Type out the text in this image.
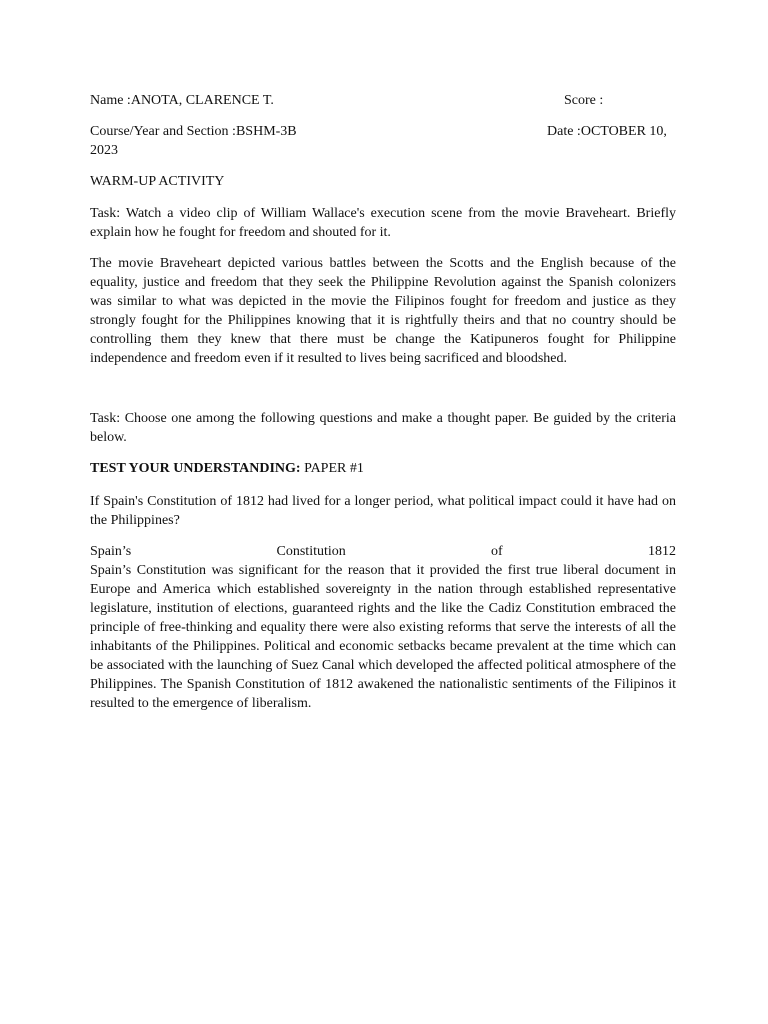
Name :ANOTA, CLARENCE T.	Score :
Course/Year and Section :BSHM-3B	Date :OCTOBER 10,
2023

WARM-UP ACTIVITY

Task: Watch a video clip of William Wallace's execution scene from the movie Braveheart. Briefly explain how he fought for freedom and shouted for it.

The movie Braveheart depicted various battles between the Scotts and the English because of the equality, justice and freedom that they seek the Philippine Revolution against the Spanish colonizers was similar to what was depicted in the movie the Filipinos fought for freedom and justice as they strongly fought for the Philippines knowing that it is rightfully theirs and that no country should be controlling them they knew that there must be change the Katipuneros fought for Philippine independence and freedom even if it resulted to lives being sacrificed and bloodshed.

Task: Choose one among the following questions and make a thought paper. Be guided by the criteria below.

TEST YOUR UNDERSTANDING: PAPER #1

If Spain's Constitution of 1812 had lived for a longer period, what political impact could it have had on the Philippines?

Spain’s	Constitution	of	1812

Spain’s Constitution was significant for the reason that it provided the first true liberal document in Europe and America which established sovereignty in the nation through established representative legislature, institution of elections, guaranteed rights and the like the Cadiz Constitution embraced the principle of free-thinking and equality there were also existing reforms that serve the interests of all the inhabitants of the Philippines. Political and economic setbacks became prevalent at the time which can be associated with the launching of Suez Canal which developed the affected political atmosphere of the Philippines. The Spanish Constitution of 1812 awakened the nationalistic sentiments of the Filipinos it resulted to the emergence of liberalism.
